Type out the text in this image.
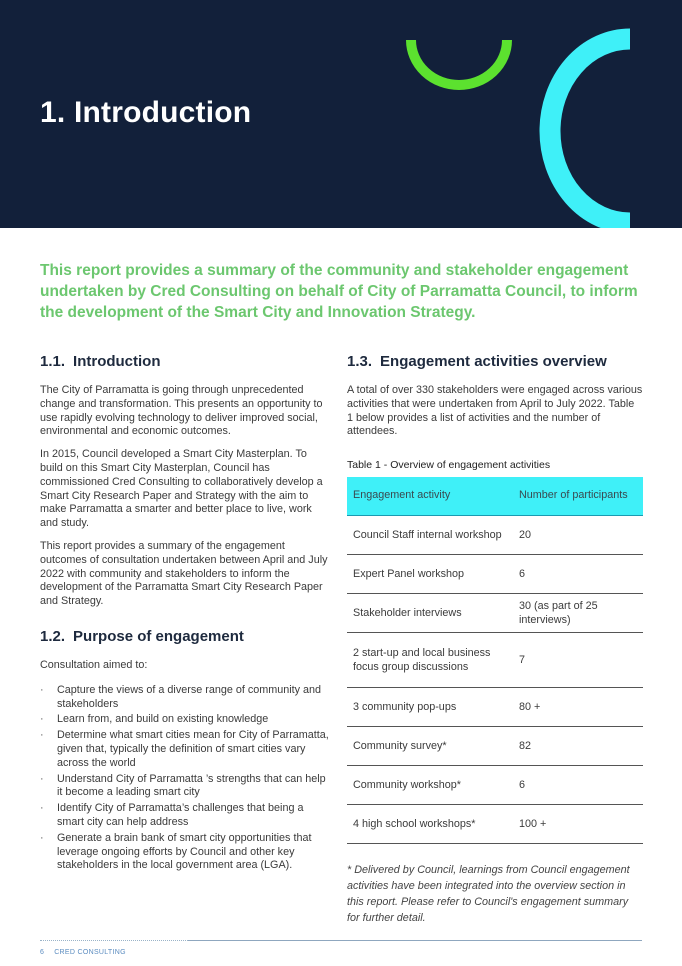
1. Introduction

This report provides a summary of the community and stakeholder engagement undertaken by Cred Consulting on behalf of City of Parramatta Council, to inform the development of the Smart City and Innovation Strategy.

1.1. Introduction

The City of Parramatta is going through unprecedented change and transformation. This presents an opportunity to use rapidly evolving technology to deliver improved social, environmental and economic outcomes.

In 2015, Council developed a Smart City Masterplan. To build on this Smart City Masterplan, Council has commissioned Cred Consulting to collaboratively develop a Smart City Research Paper and Strategy with the aim to make Parramatta a smarter and better place to live, work and study.

This report provides a summary of the engagement outcomes of consultation undertaken between April and July 2022 with community and stakeholders to inform the development of the Parramatta Smart City Research Paper and Strategy.

1.2. Purpose of engagement

Consultation aimed to:

· Capture the views of a diverse range of community and stakeholders
· Learn from, and build on existing knowledge
· Determine what smart cities mean for City of Parramatta, given that, typically the definition of smart cities vary across the world
· Understand City of Parramatta ’s strengths that can help it become a leading smart city
· Identify City of Parramatta’s challenges that being a smart city can help address
· Generate a brain bank of smart city opportunities that leverage ongoing efforts by Council and other key stakeholders in the local government area (LGA).
1.3. Engagement activities overview

A total of over 330 stakeholders were engaged across various activities that were undertaken from April to July 2022. Table 1 below provides a list of activities and the number of attendees.

Table 1 - Overview of engagement activities

Engagement activity	Number of participants
Council Staff internal workshop	20
Expert Panel workshop	6
Stakeholder interviews	30 (as part of 25 interviews)
2 start-up and local business focus group discussions	7
3 community pop-ups	80 +
Community survey*	82
Community workshop*	6
4 high school workshops*	100 +

* Delivered by Council, learnings from Council engagement activities have been integrated into the overview section in this report. Please refer to Council's engagement summary for further detail.

6 CRED CONSULTING
